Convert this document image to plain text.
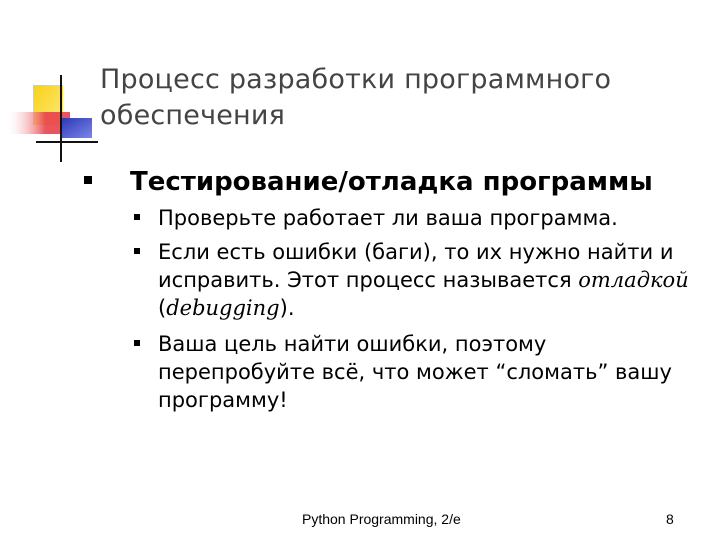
Процесс разработки программного
обеспечения
Тестирование/отладка программы
Проверьте работает ли ваша программа.
Если есть ошибки (баги), то их нужно найти и
исправить. Этот процесс называется отладкой
(debugging).
Ваша цель найти ошибки, поэтому
перепробуйте всё, что может “сломать” вашу
программу!
Python Programming, 2/e	8
